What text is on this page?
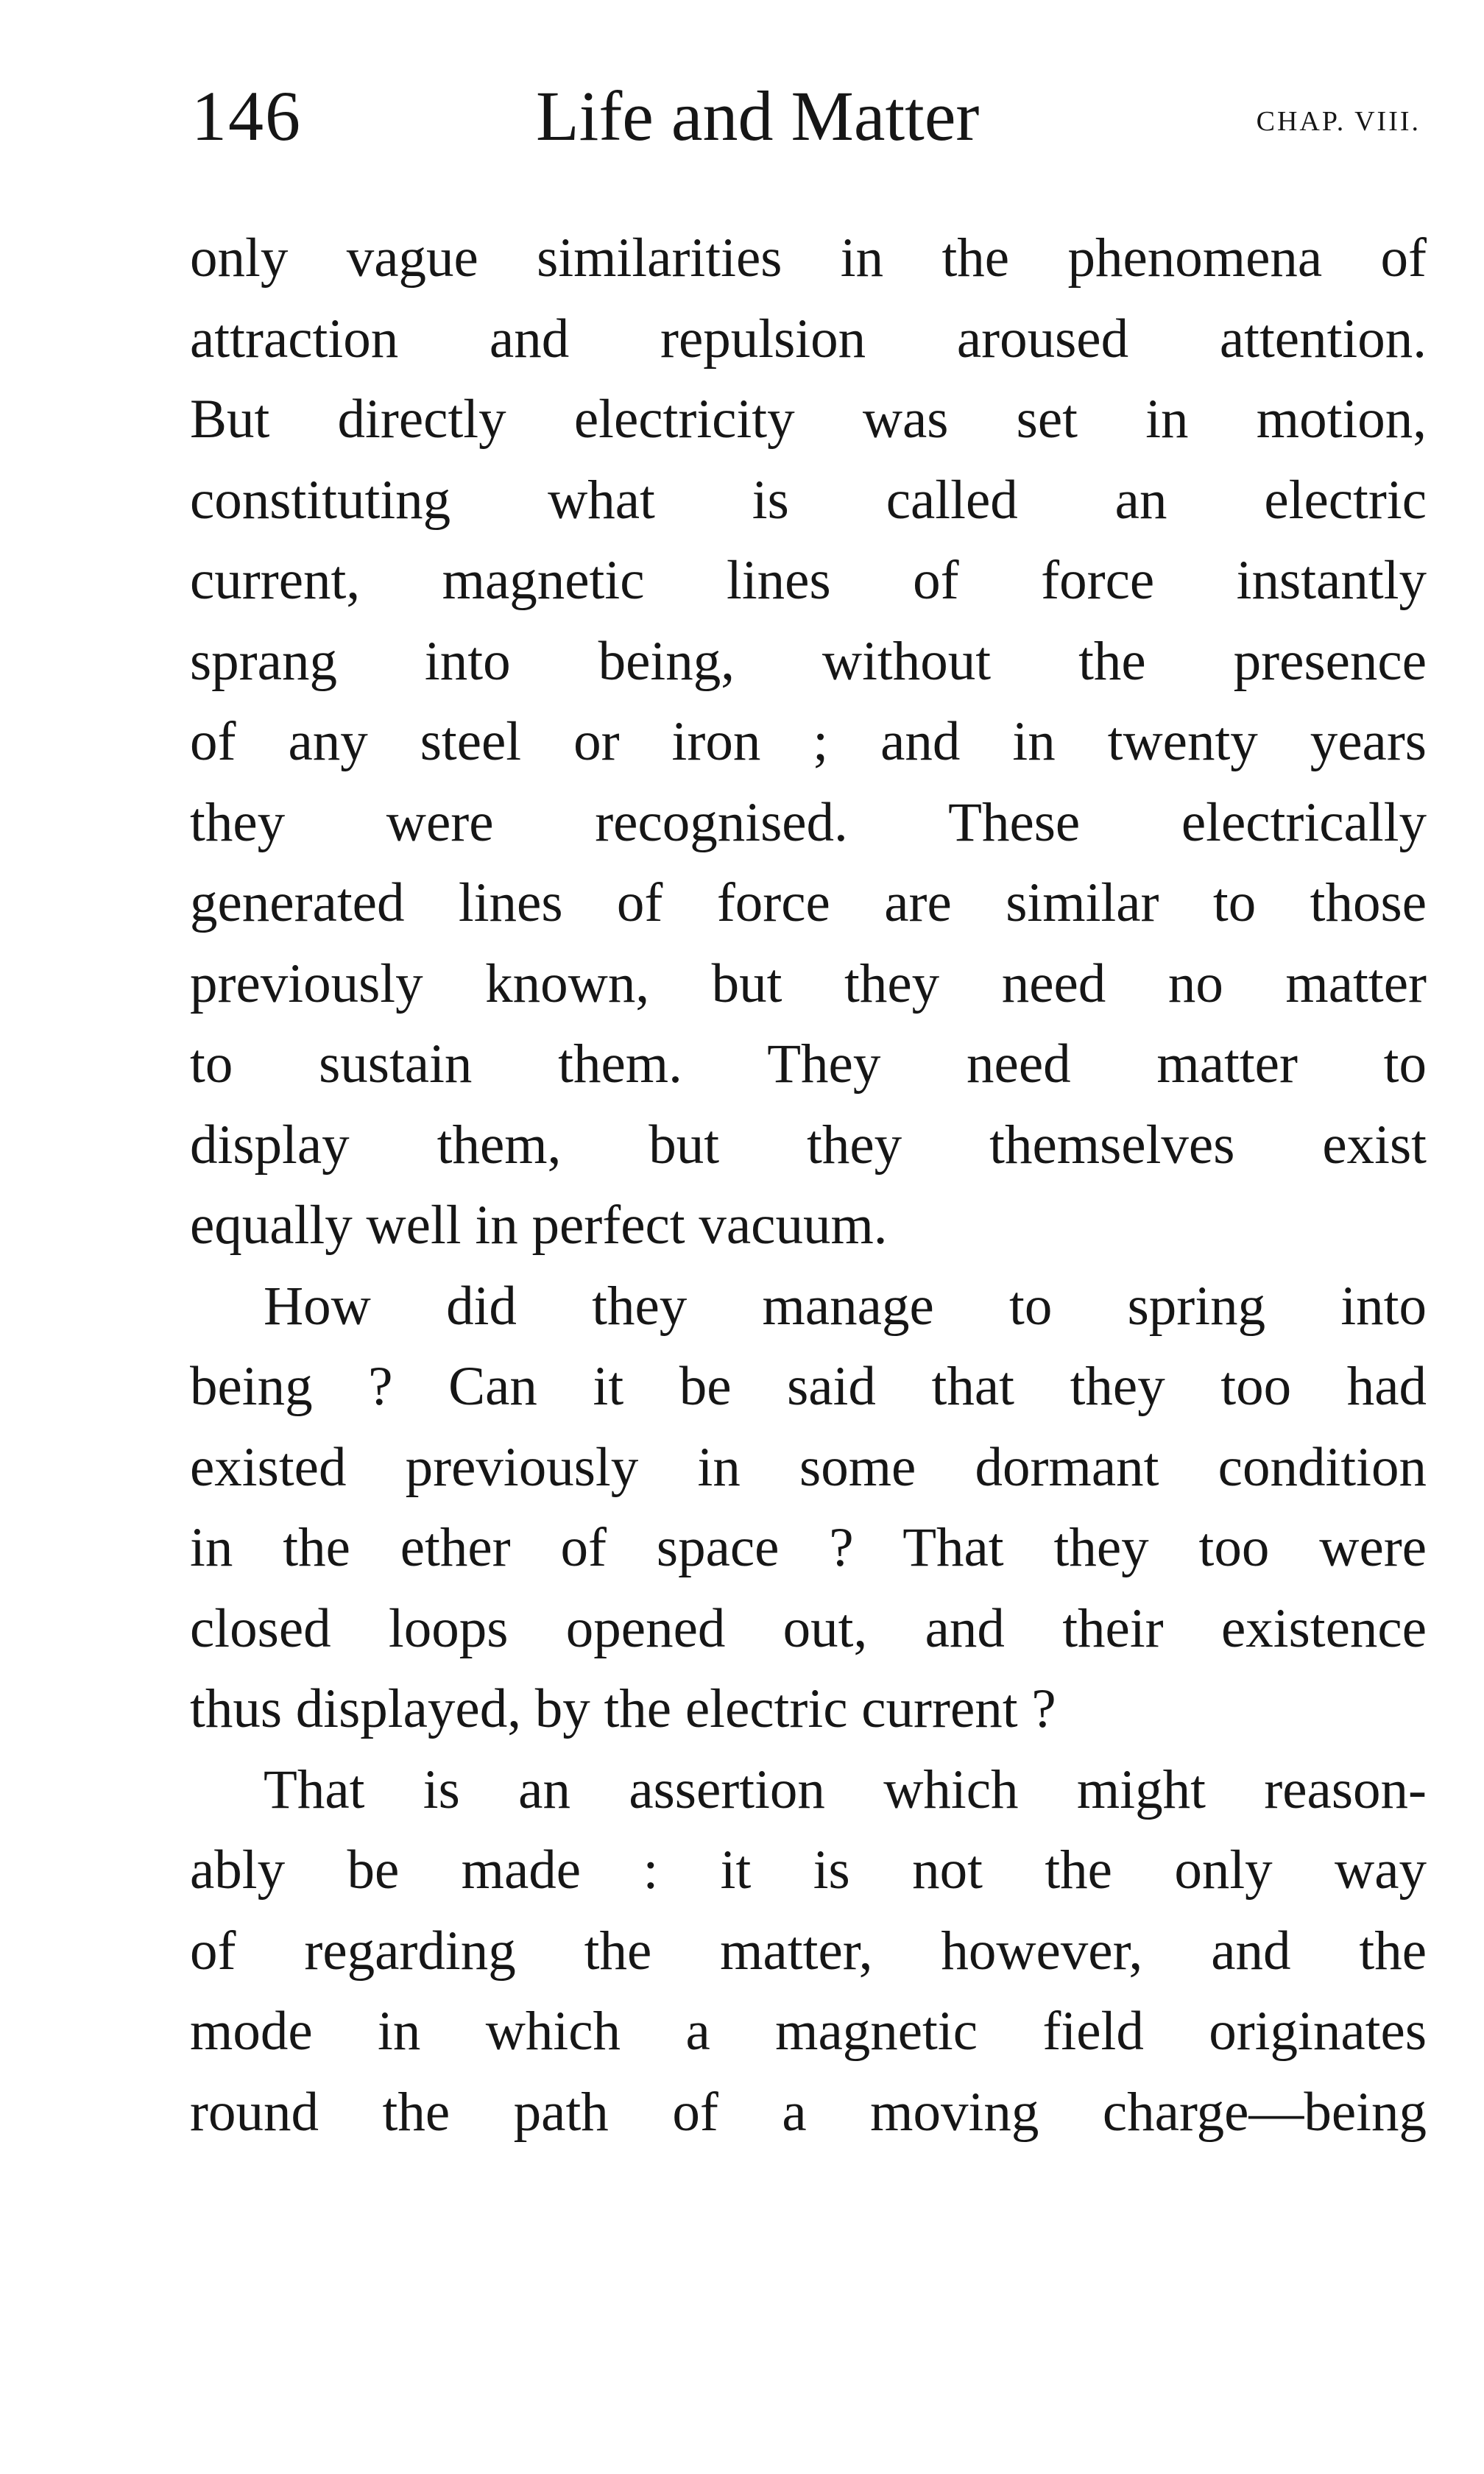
146	Life and Matter	CHAP. VIII.
only vague similarities in the phenomena of
attraction and repulsion aroused attention.
But directly electricity was set in motion,
constituting what is called an electric
current, magnetic lines of force instantly
sprang into being, without the presence
of any steel or iron ; and in twenty years
they were recognised. These electrically
generated lines of force are similar to those
previously known, but they need no matter
to sustain them. They need matter to
display them, but they themselves exist
equally well in perfect vacuum.
How did they manage to spring into
being ? Can it be said that they too had
existed previously in some dormant condition
in the ether of space ? That they too were
closed loops opened out, and their existence
thus displayed, by the electric current ?
That is an assertion which might reason-
ably be made : it is not the only way
of regarding the matter, however, and the
mode in which a magnetic field originates
round the path of a moving charge—being
